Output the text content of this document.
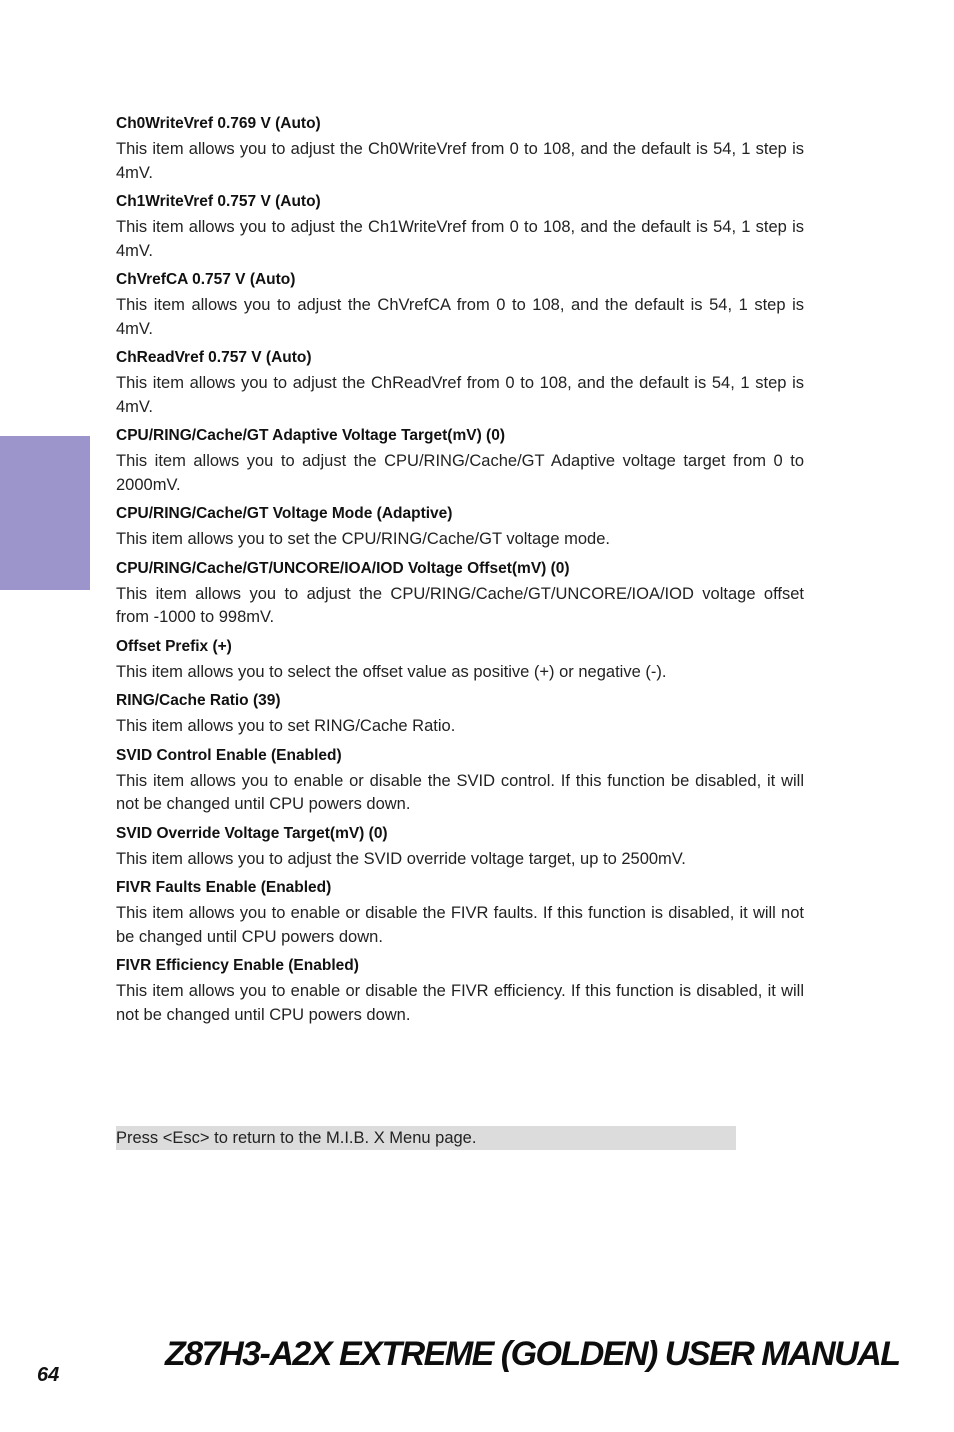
Ch0WriteVref 0.769 V (Auto)

This item allows you to adjust the Ch0WriteVref from 0 to 108, and the default is 54, 1 step is 4mV.

Ch1WriteVref 0.757 V (Auto)

This item allows you to adjust the Ch1WriteVref from 0 to 108, and the default is 54, 1 step is 4mV.

ChVrefCA 0.757 V (Auto)

This item allows you to adjust the ChVrefCA from 0 to 108, and the default is 54, 1 step is 4mV.

ChReadVref 0.757 V (Auto)

This item allows you to adjust the ChReadVref from 0 to 108, and the default is 54, 1 step is 4mV.

CPU/RING/Cache/GT Adaptive Voltage Target(mV) (0)

This item allows you to adjust the CPU/RING/Cache/GT Adaptive voltage target from 0 to 2000mV.

CPU/RING/Cache/GT Voltage Mode (Adaptive)

This item allows you to set the CPU/RING/Cache/GT voltage mode.

CPU/RING/Cache/GT/UNCORE/IOA/IOD Voltage Offset(mV) (0)

This item allows you to adjust the CPU/RING/Cache/GT/UNCORE/IOA/IOD voltage offset from -1000 to 998mV.

Offset Prefix (+)

This item allows you to select the offset value as positive (+) or negative (-).

RING/Cache Ratio (39)

This item allows you to set RING/Cache Ratio.

SVID Control Enable (Enabled)

This item allows you to enable or disable the SVID control. If this function be disabled, it will not be changed until CPU powers down.

SVID Override Voltage Target(mV) (0)

This item allows you to adjust the SVID override voltage target, up to 2500mV.

FIVR Faults Enable (Enabled)

This item allows you to enable or disable the FIVR faults. If this function is disabled, it will not be changed until CPU powers down.

FIVR Efficiency Enable (Enabled)

This item allows you to enable or disable the FIVR efficiency. If this function is disabled, it will not be changed until CPU powers down.

Press <Esc> to return to the M.I.B. X Menu page.
64
Z87H3-A2X EXTREME (GOLDEN) USER MANUAL
